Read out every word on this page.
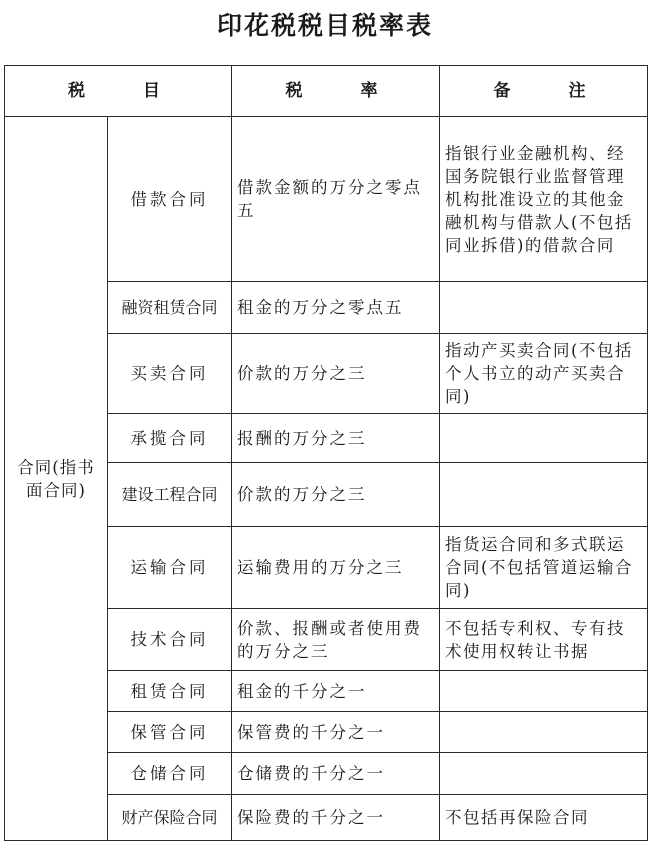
印花税税目税率表
税　　目		税　　率	备　　注
合同(指书面合同)	借款合同	借款金额的万分之零点五	指银行业金融机构、经国务院银行业监督管理机构批准设立的其他金融机构与借款人(不包括同业拆借)的借款合同
	融资租赁合同	租金的万分之零点五	
	买卖合同	价款的万分之三	指动产买卖合同(不包括个人书立的动产买卖合同)
	承揽合同	报酬的万分之三	
	建设工程合同	价款的万分之三	
	运输合同	运输费用的万分之三	指货运合同和多式联运合同(不包括管道运输合同)
	技术合同	价款、报酬或者使用费的万分之三	不包括专利权、专有技术使用权转让书据
	租赁合同	租金的千分之一	
	保管合同	保管费的千分之一	
	仓储合同	仓储费的千分之一	
	财产保险合同	保险费的千分之一	不包括再保险合同
